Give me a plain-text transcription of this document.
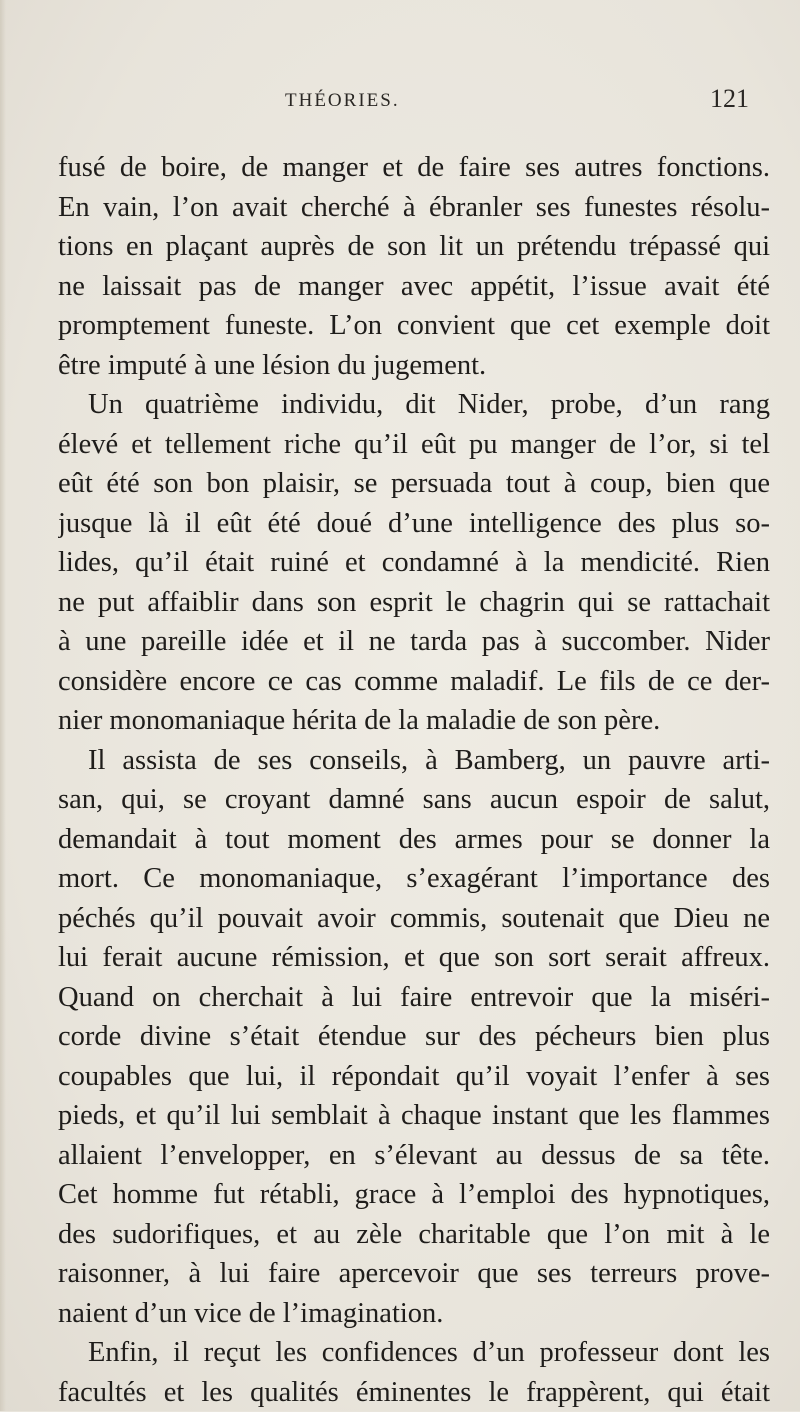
THÉORIES.	121
fusé de boire, de manger et de faire ses autres fonctions.
En vain, l’on avait cherché à ébranler ses funestes résolu-
tions en plaçant auprès de son lit un prétendu trépassé qui
ne laissait pas de manger avec appétit, l’issue avait été
promptement funeste. L’on convient que cet exemple doit
être imputé à une lésion du jugement.
Un quatrième individu, dit Nider, probe, d’un rang
élevé et tellement riche qu’il eût pu manger de l’or, si tel
eût été son bon plaisir, se persuada tout à coup, bien que
jusque là il eût été doué d’une intelligence des plus so-
lides, qu’il était ruiné et condamné à la mendicité. Rien
ne put affaiblir dans son esprit le chagrin qui se rattachait
à une pareille idée et il ne tarda pas à succomber. Nider
considère encore ce cas comme maladif. Le fils de ce der-
nier monomaniaque hérita de la maladie de son père.
Il assista de ses conseils, à Bamberg, un pauvre arti-
san, qui, se croyant damné sans aucun espoir de salut,
demandait à tout moment des armes pour se donner la
mort. Ce monomaniaque, s’exagérant l’importance des
péchés qu’il pouvait avoir commis, soutenait que Dieu ne
lui ferait aucune rémission, et que son sort serait affreux.
Quand on cherchait à lui faire entrevoir que la miséri-
corde divine s’était étendue sur des pécheurs bien plus
coupables que lui, il répondait qu’il voyait l’enfer à ses
pieds, et qu’il lui semblait à chaque instant que les flammes
allaient l’envelopper, en s’élevant au dessus de sa tête.
Cet homme fut rétabli, grace à l’emploi des hypnotiques,
des sudorifiques, et au zèle charitable que l’on mit à le
raisonner, à lui faire apercevoir que ses terreurs prove-
naient d’un vice de l’imagination.
Enfin, il reçut les confidences d’un professeur dont les
facultés et les qualités éminentes le frappèrent, qui était
